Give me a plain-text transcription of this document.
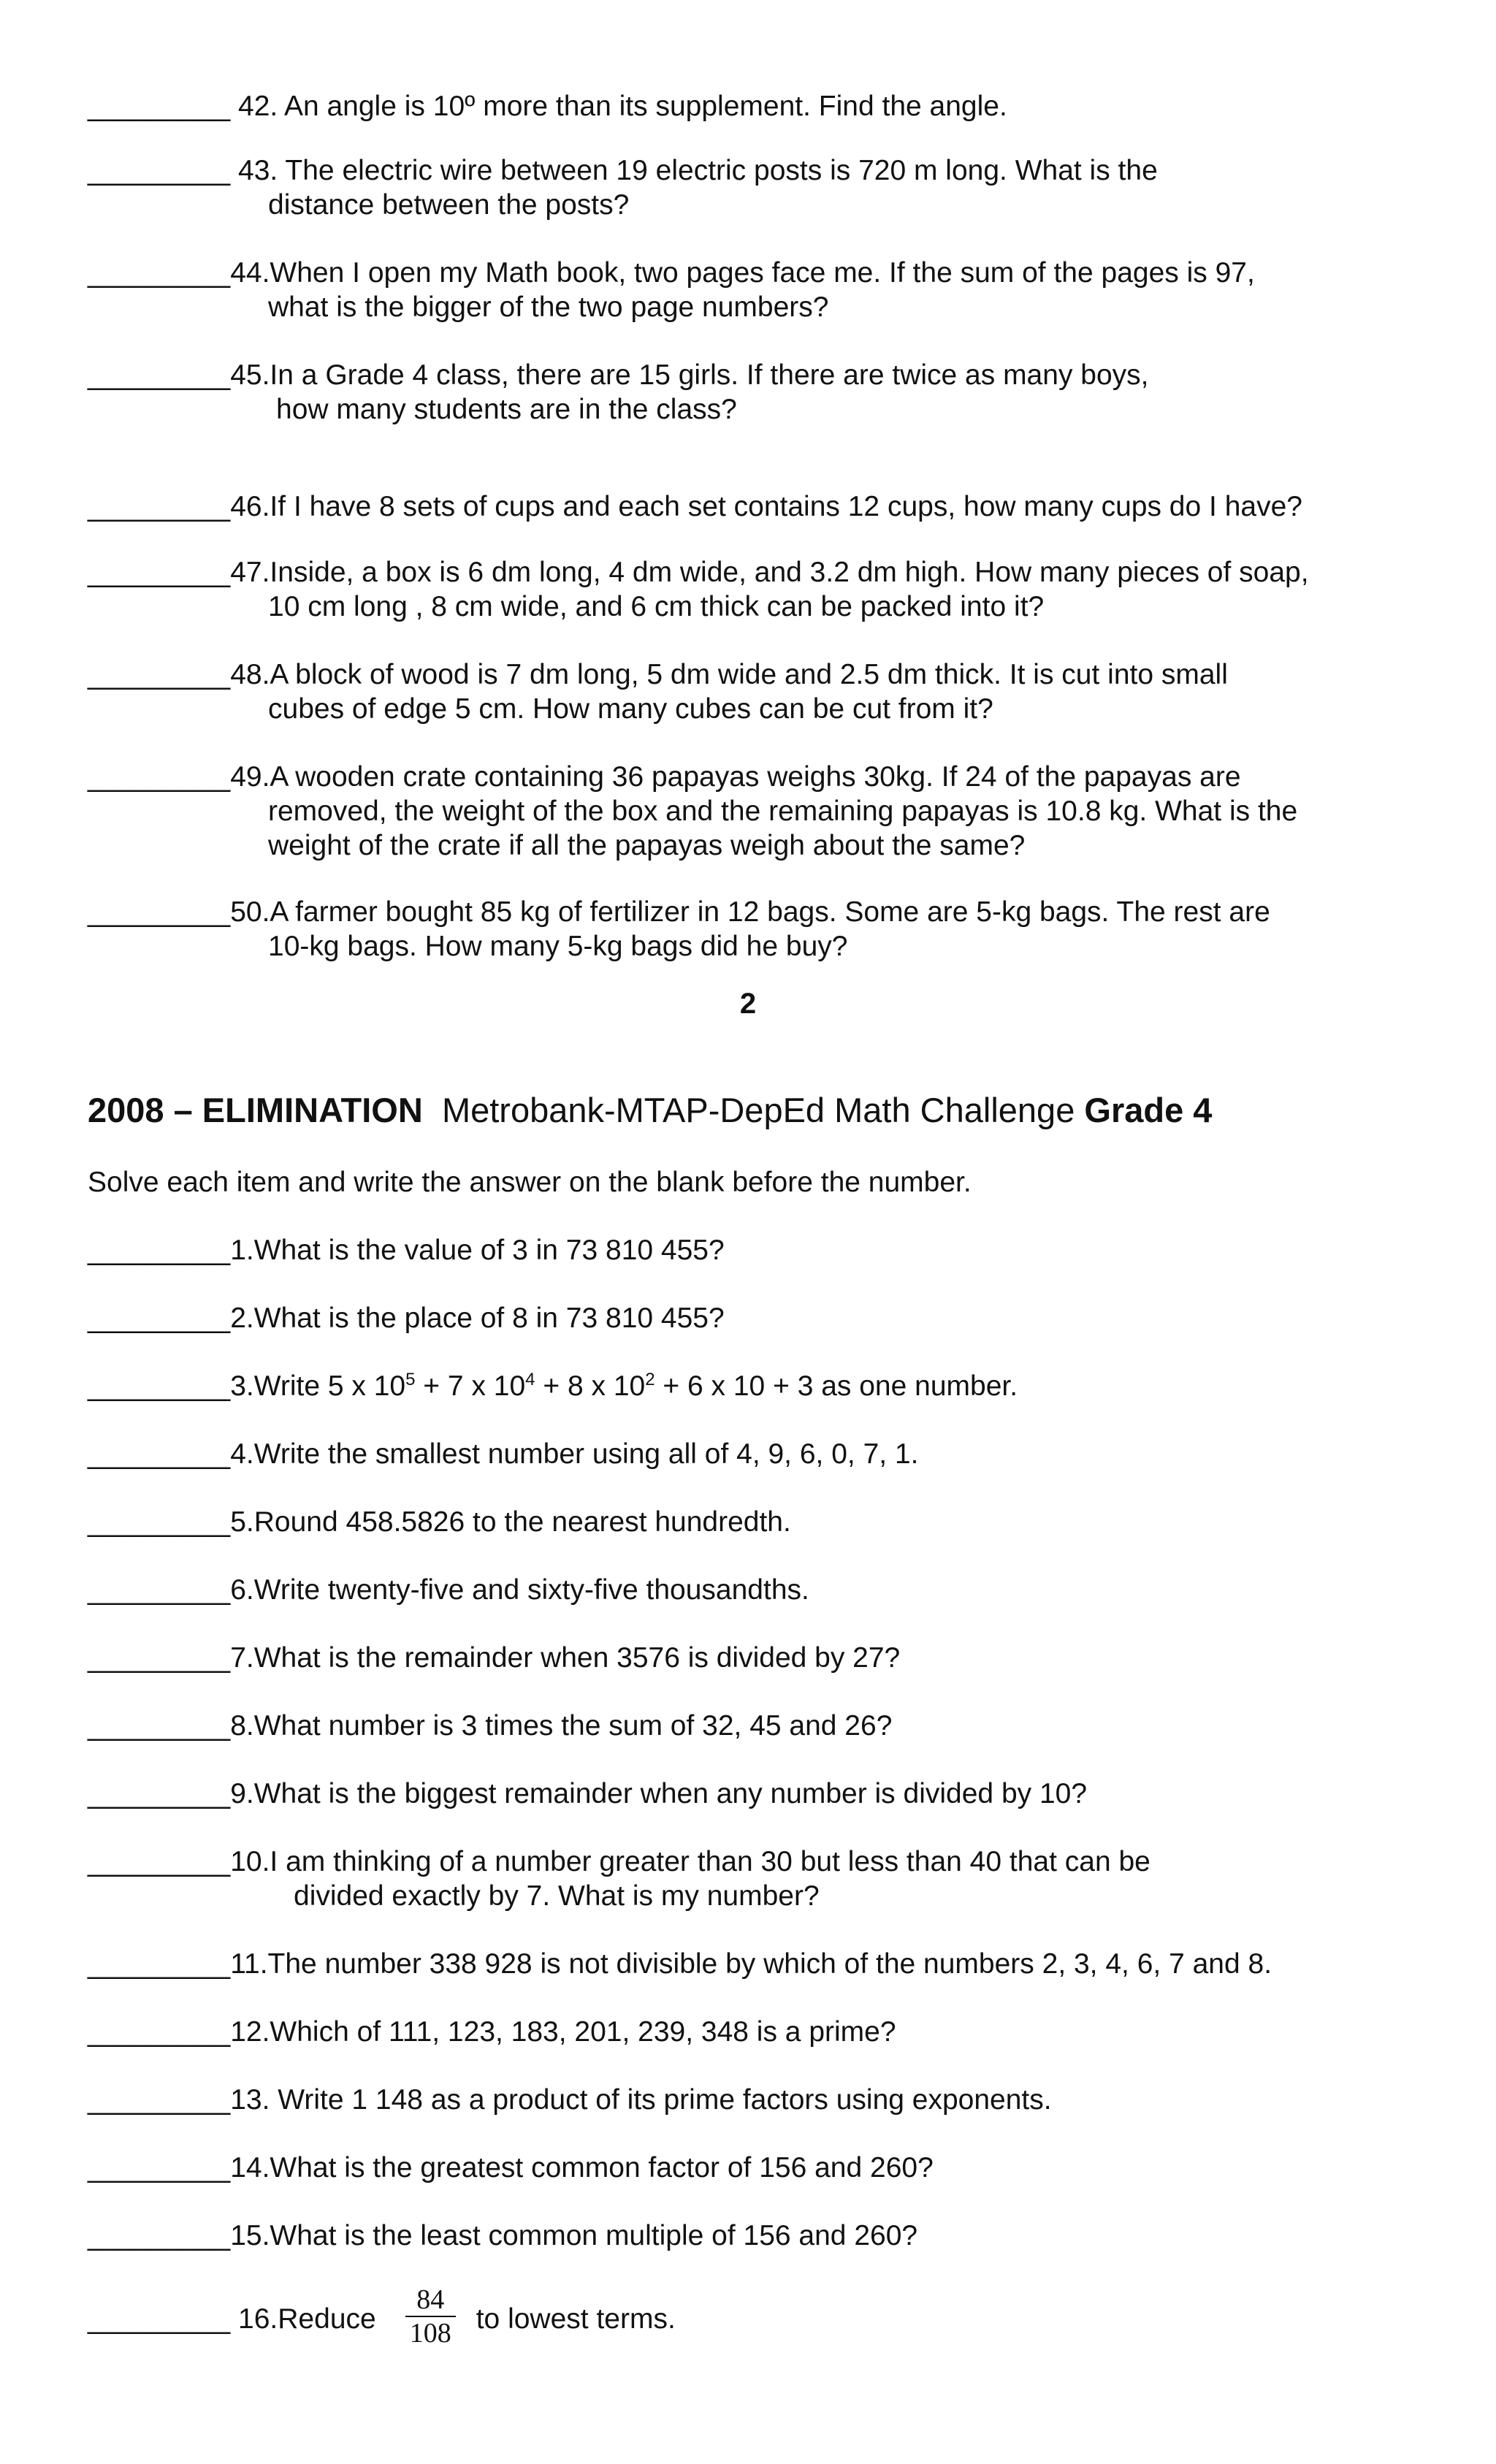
_________ 42. An angle is 10º more than its supplement. Find the angle.
_________ 43. The electric wire between 19 electric posts is 720 m long. What is the
distance between the posts?
_________44.When I open my Math book, two pages face me. If the sum of the pages is 97,
what is the bigger of the two page numbers?
_________45.In a Grade 4 class, there are 15 girls. If there are twice as many boys,
how many students are in the class?
_________46.If I have 8 sets of cups and each set contains 12 cups, how many cups do I have?
_________47.Inside, a box is 6 dm long, 4 dm wide, and 3.2 dm high. How many pieces of soap,
10 cm long , 8 cm wide, and 6 cm thick can be packed into it?
_________48.A block of wood is 7 dm long, 5 dm wide and 2.5 dm thick. It is cut into small
cubes of edge 5 cm. How many cubes can be cut from it?
_________49.A wooden crate containing 36 papayas weighs 30kg. If 24 of the papayas are
removed, the weight of the box and the remaining papayas is 10.8 kg. What is the
weight of the crate if all the papayas weigh about the same?
_________50.A farmer bought 85 kg of fertilizer in 12 bags. Some are 5-kg bags. The rest are
10-kg bags. How many 5-kg bags did he buy?
2
2008 – ELIMINATION Metrobank-MTAP-DepEd Math Challenge Grade 4
Solve each item and write the answer on the blank before the number.
_________1.What is the value of 3 in 73 810 455?
_________2.What is the place of 8 in 73 810 455?
_________3.Write 5 x $10^5 + 7$ x $10^4 + 8$ x $10^2 + 6$ x 10 + 3 as one number.
_________4.Write the smallest number using all of 4, 9, 6, 0, 7, 1.
_________5.Round 458.5826 to the nearest hundredth.
_________6.Write twenty-five and sixty-five thousandths.
_________7.What is the remainder when 3576 is divided by 27?
_________8.What number is 3 times the sum of 32, 45 and 26?
_________9.What is the biggest remainder when any number is divided by 10?
_________10.I am thinking of a number greater than 30 but less than 40 that can be
divided exactly by 7. What is my number?
_________11.The number 338 928 is not divisible by which of the numbers 2, 3, 4, 6, 7 and 8.
_________12.Which of 111, 123, 183, 201, 239, 348 is a prime?
_________13. Write 1 148 as a product of its prime factors using exponents.
_________14.What is the greatest common factor of 156 and 260?
_________15.What is the least common multiple of 156 and 260?
_________ 16.Reduce $\frac{84}{108}$ to lowest terms.
